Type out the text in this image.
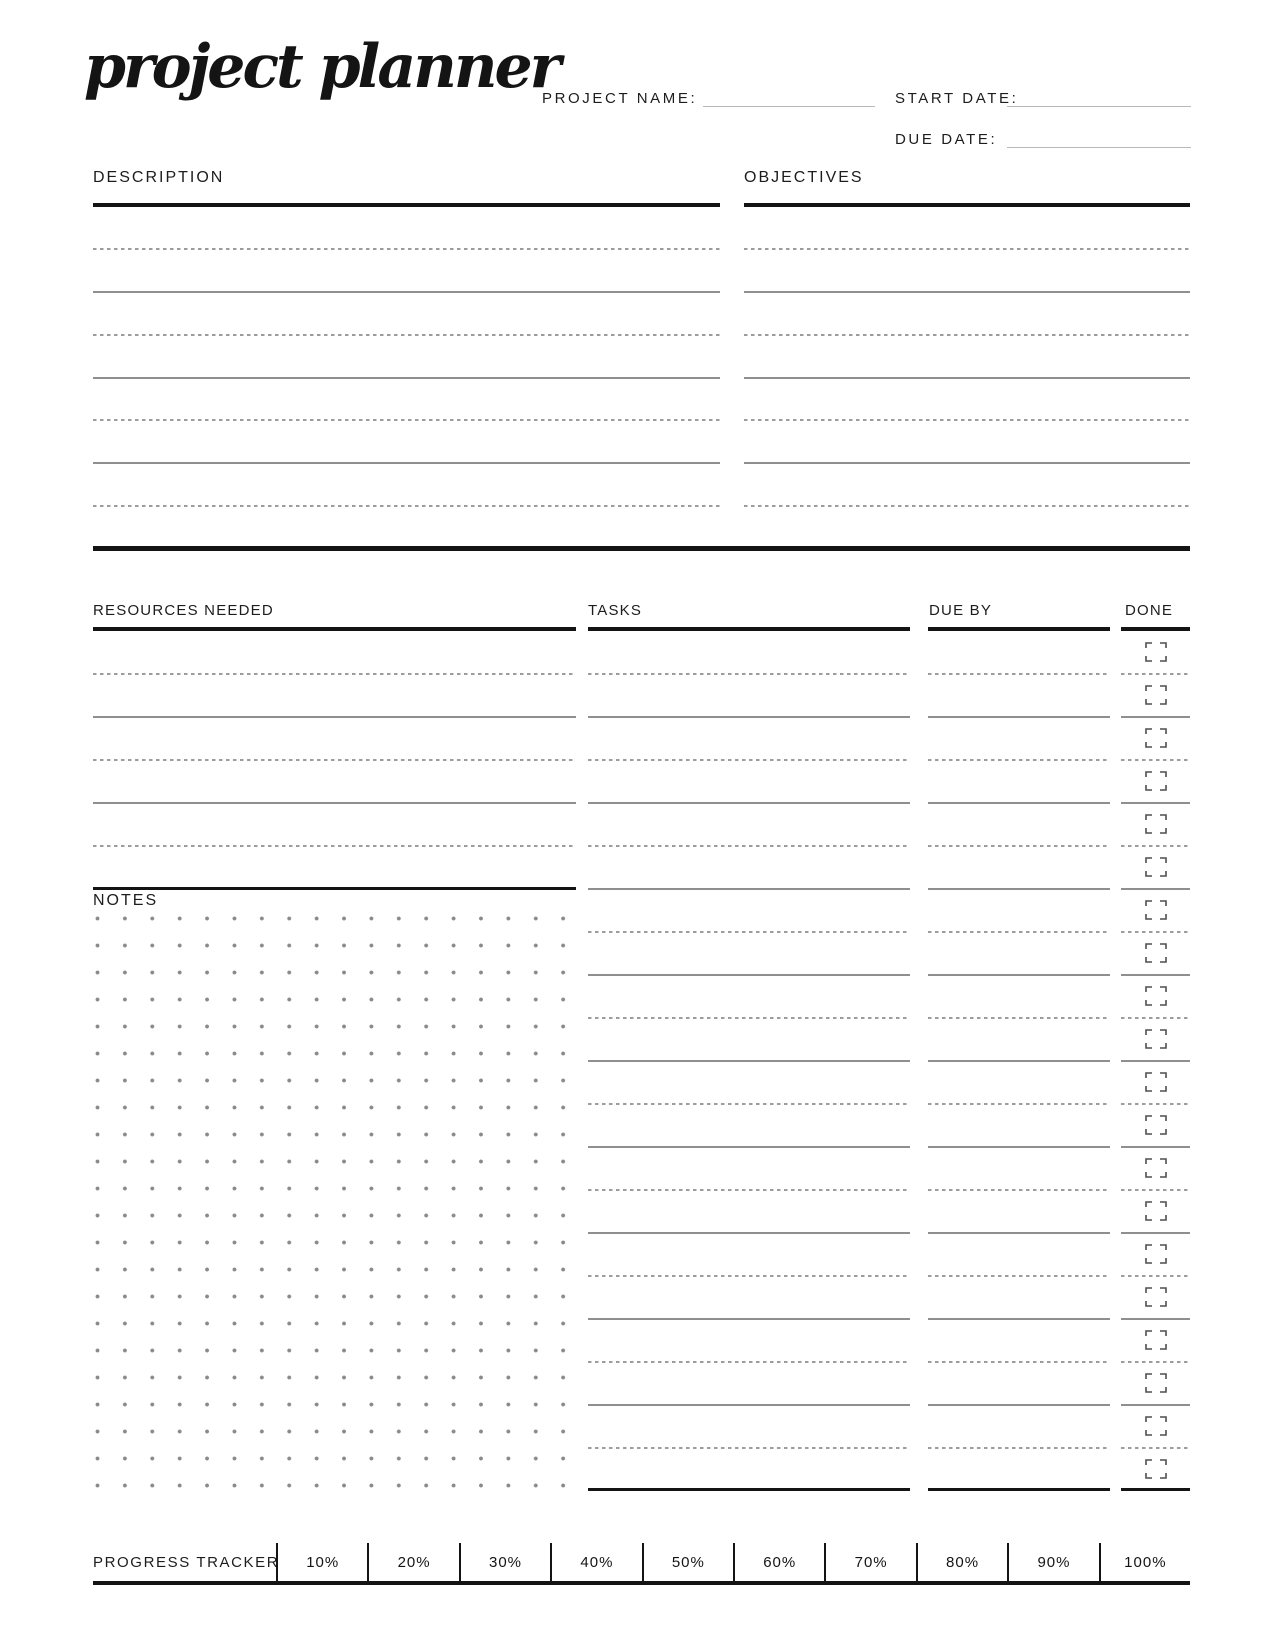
project planner
PROJECT NAME:	START DATE:
DUE DATE:
DESCRIPTION	OBJECTIVES
RESOURCES NEEDED	TASKS	DUE BY	DONE
NOTES
PROGRESS TRACKER	10%	20%	30%	40%	50%	60%	70%	80%	90%	100%
